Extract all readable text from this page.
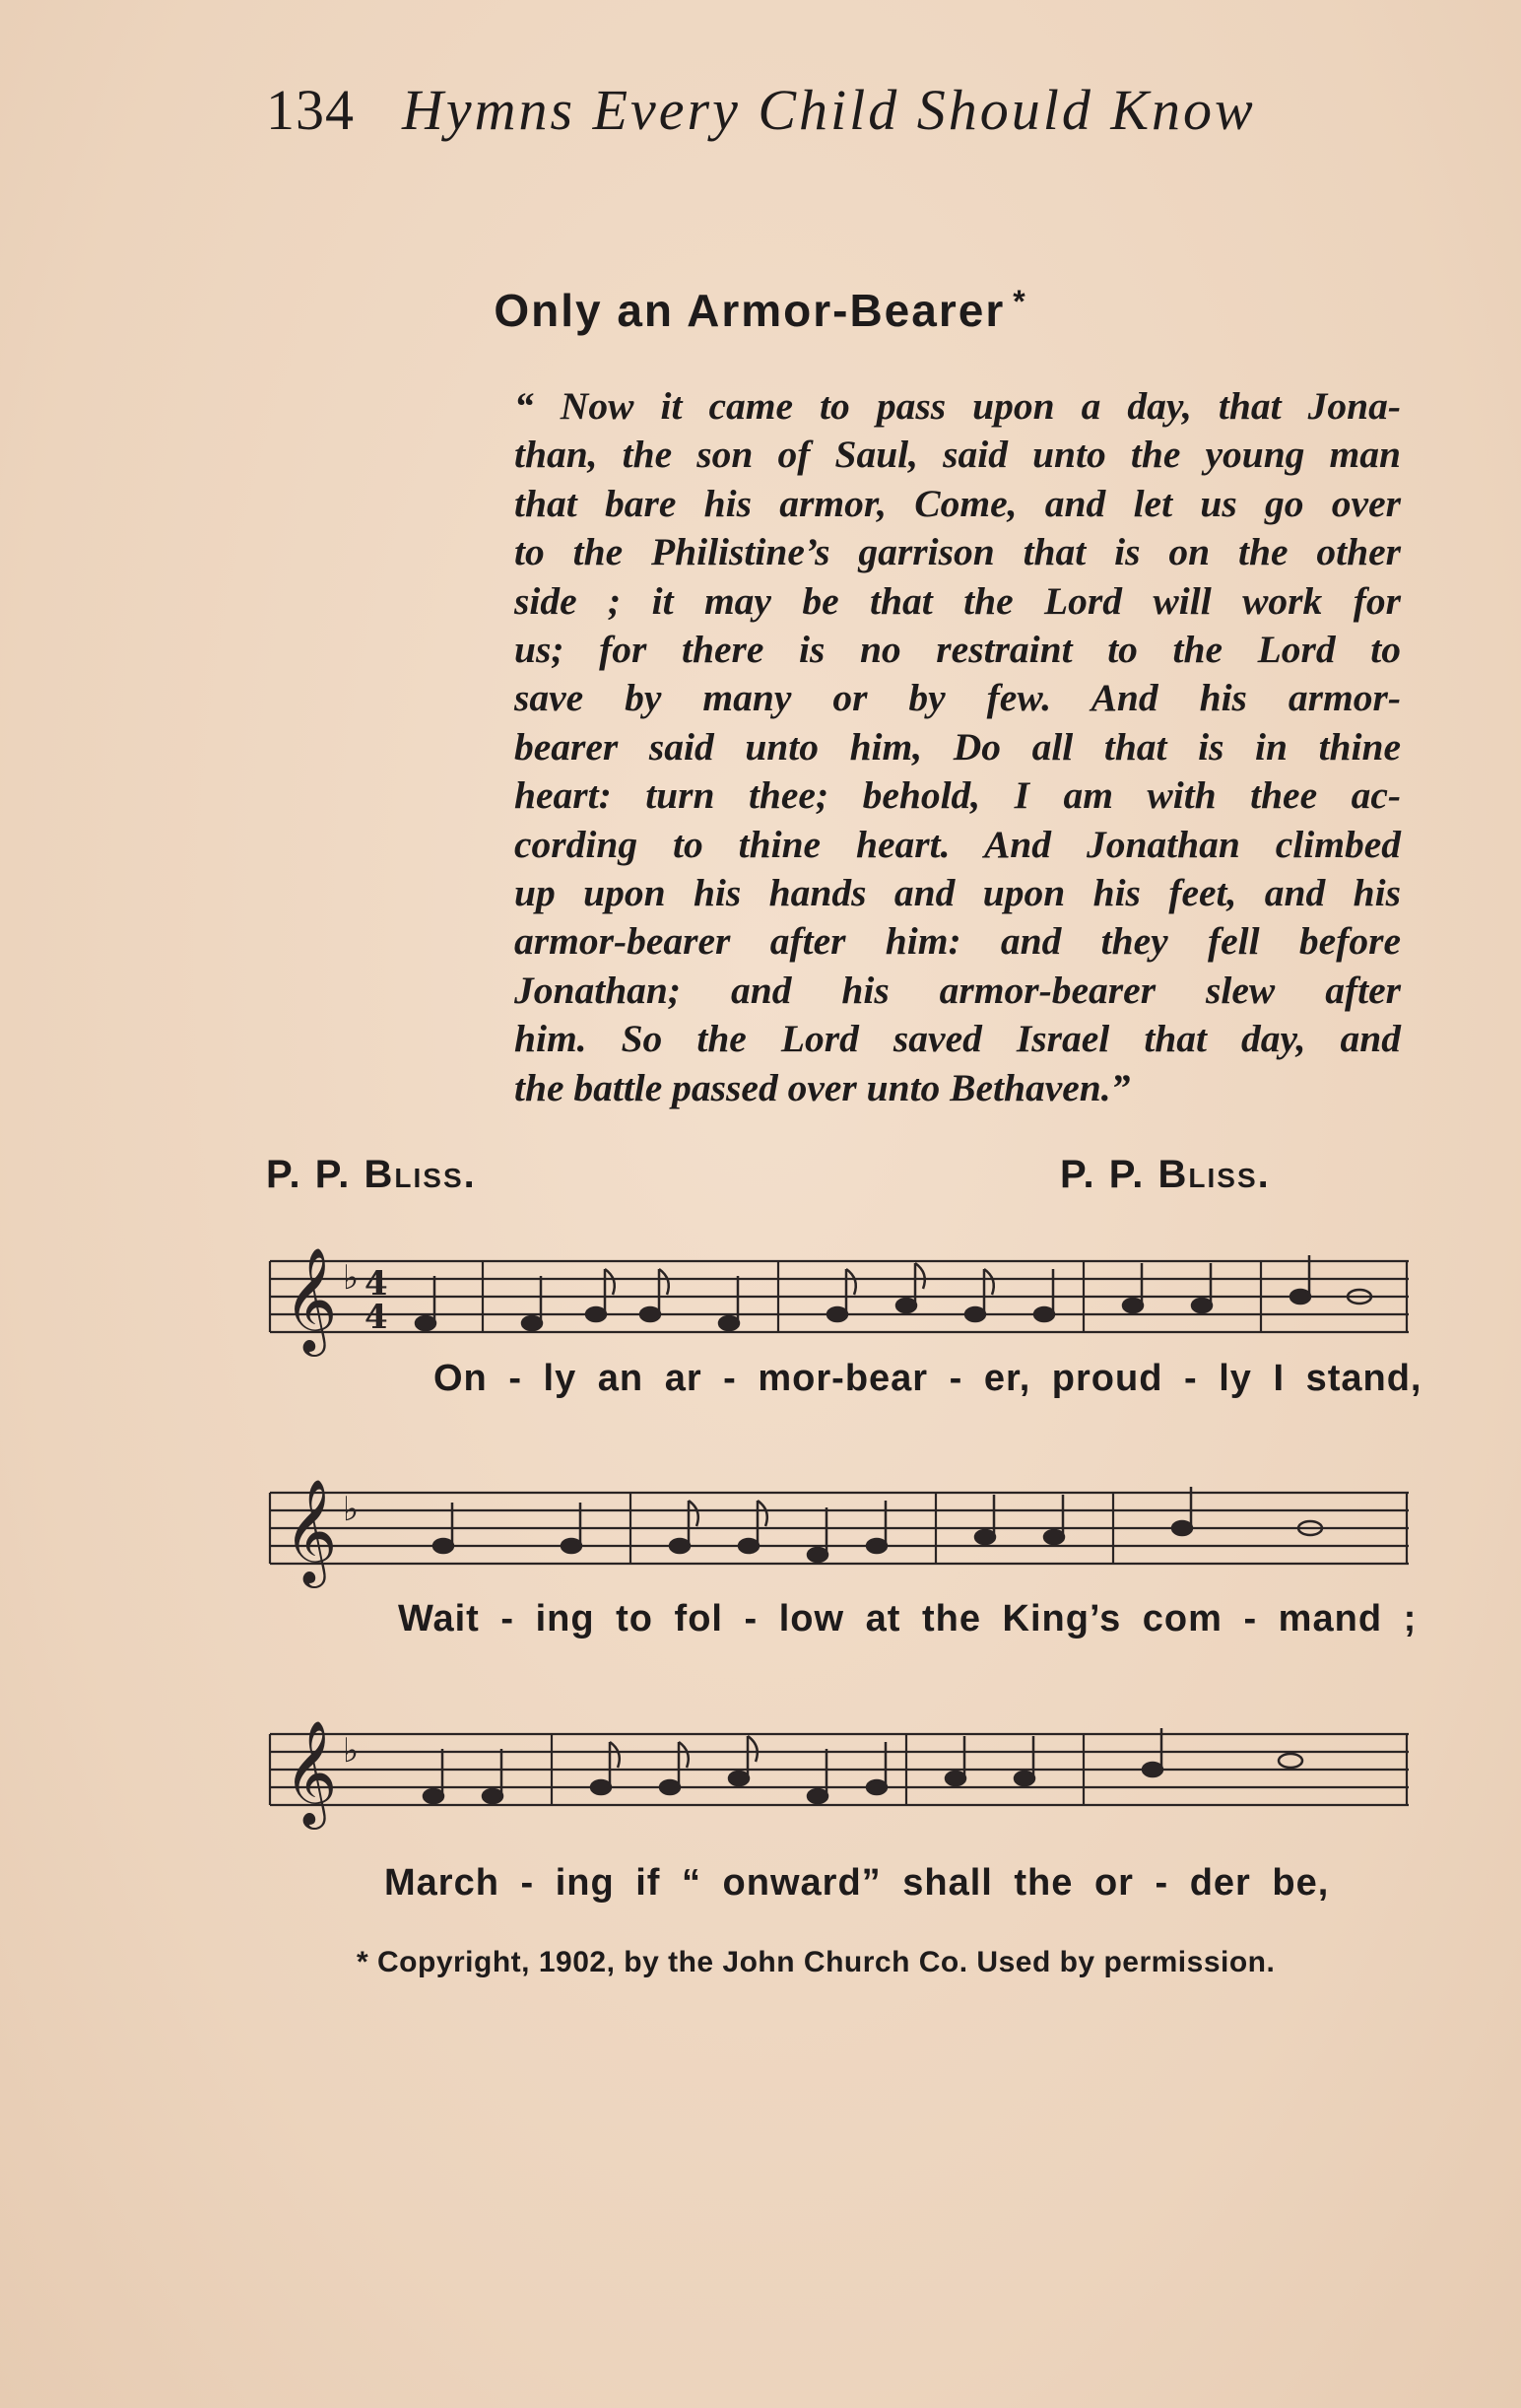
134 Hymns Every Child Should Know
Only an Armor-Bearer *
“ Now it came to pass upon a day, that Jona-
than, the son of Saul, said unto the young man
that bare his armor, Come, and let us go over
to the Philistine’s garrison that is on the other
side ; it may be that the Lord will work for
us; for there is no restraint to the Lord to
save by many or by few. And his armor-
bearer said unto him, Do all that is in thine
heart: turn thee; behold, I am with thee ac-
cording to thine heart. And Jonathan climbed
up upon his hands and upon his feet, and his
armor-bearer after him: and they fell before
Jonathan; and his armor-bearer slew after
him. So the Lord saved Israel that day, and
the battle passed over unto Bethaven.”
P. P. Bliss.	P. P. Bliss.
𝄞 ♭ 4
4
On - ly an ar - mor-bear - er, proud - ly I stand,
𝄞 ♭
Wait - ing to fol - low at the King’s com - mand ;
𝄞 ♭
March - ing if “ onward” shall the or - der be,
* Copyright, 1902, by the John Church Co. Used by permission.
